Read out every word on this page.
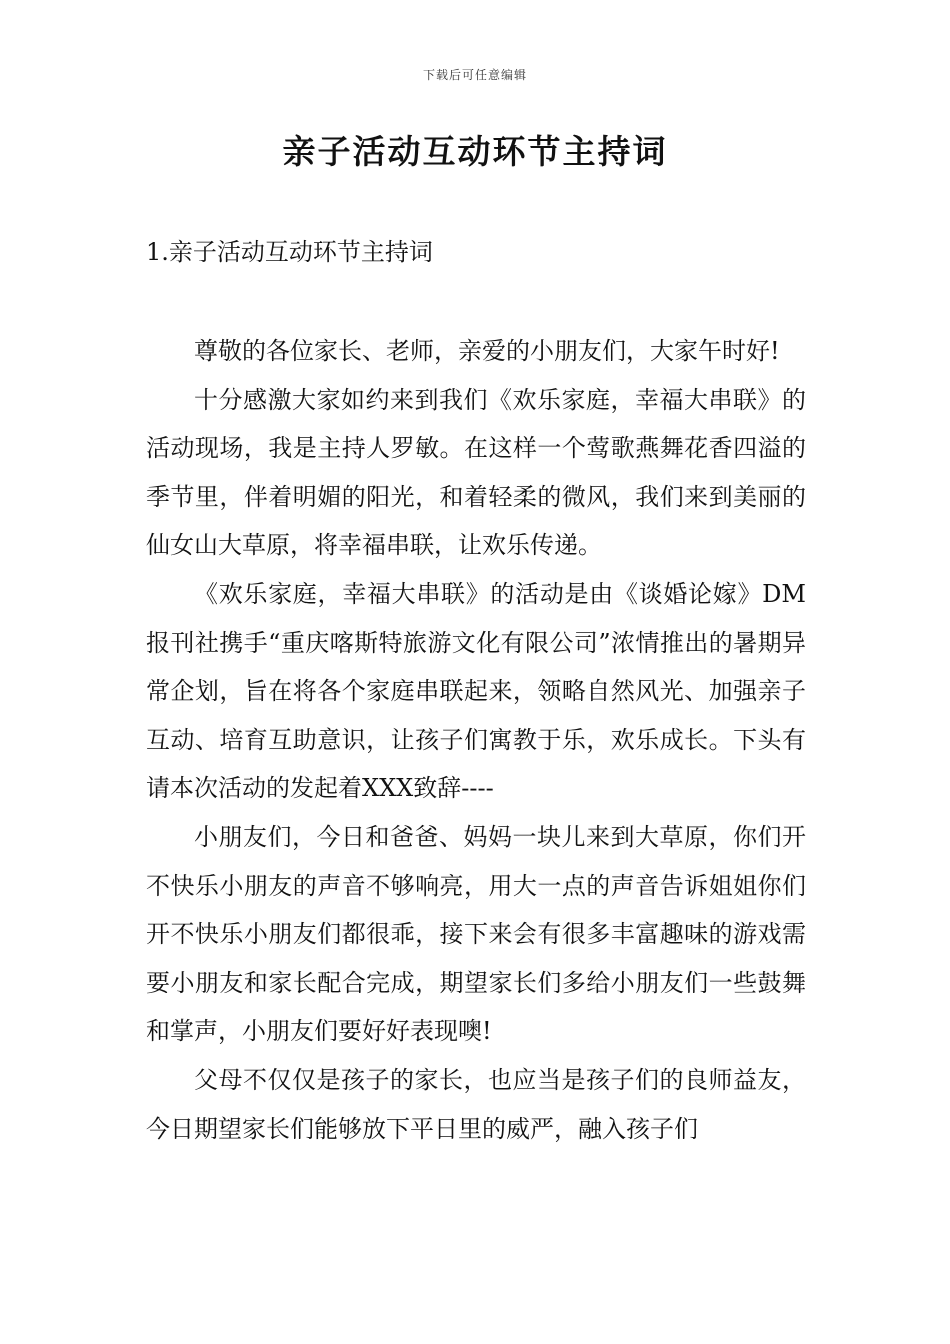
下载后可任意编辑
亲子活动互动环节主持词
1.亲子活动互动环节主持词

尊敬的各位家长、老师，亲爱的小朋友们，大家午时好!

十分感激大家如约来到我们《欢乐家庭，幸福大串联》的活动现场，我是主持人罗敏。在这样一个莺歌燕舞花香四溢的季节里，伴着明媚的阳光，和着轻柔的微风，我们来到美丽的仙女山大草原，将幸福串联，让欢乐传递。

《欢乐家庭，幸福大串联》的活动是由《谈婚论嫁》DM报刊社携手“重庆喀斯特旅游文化有限公司”浓情推出的暑期异常企划，旨在将各个家庭串联起来，领略自然风光、加强亲子互动、培育互助意识，让孩子们寓教于乐，欢乐成长。下头有请本次活动的发起着XXX致辞----

小朋友们，今日和爸爸、妈妈一块儿来到大草原，你们开不快乐小朋友的声音不够响亮，用大一点的声音告诉姐姐你们开不快乐小朋友们都很乖，接下来会有很多丰富趣味的游戏需要小朋友和家长配合完成，期望家长们多给小朋友们一些鼓舞和掌声，小朋友们要好好表现噢!

父母不仅仅是孩子的家长，也应当是孩子们的良师益友，今日期望家长们能够放下平日里的威严，融入孩子们
